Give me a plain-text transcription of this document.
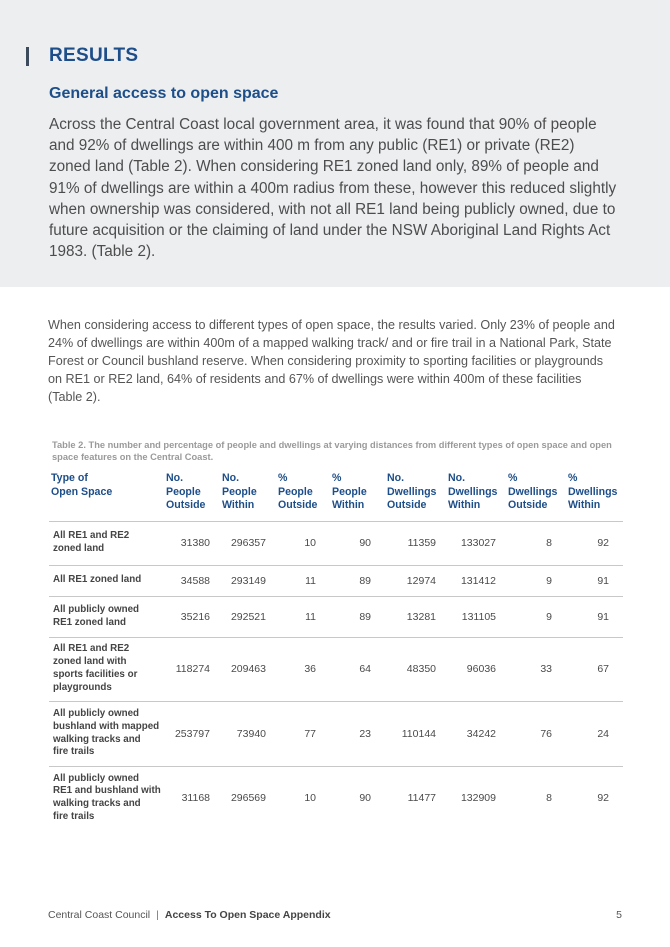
RESULTS
General access to open space
Across the Central Coast local government area, it was found that 90% of people and 92% of dwellings are within 400 m from any public (RE1) or private (RE2) zoned land (Table 2). When considering RE1 zoned land only, 89% of people and 91% of dwellings are within a 400m radius from these, however this reduced slightly when ownership was considered, with not all RE1 land being publicly owned, due to future acquisition or the claiming of land under the NSW Aboriginal Land Rights Act 1983. (Table 2).
When considering access to different types of open space, the results varied. Only 23% of people and 24% of dwellings are within 400m of a mapped walking track/ and or fire trail in a National Park, State Forest or Council bushland reserve. When considering proximity to sporting facilities or playgrounds on RE1 or RE2 land, 64% of residents and 67% of dwellings were within 400m of these facilities (Table 2).
Table 2. The number and percentage of people and dwellings at varying distances from different types of open space and open space features on the Central Coast.
Type of
Open Space	No.
People
Outside	No.
People
Within	%
People
Outside	%
People
Within	No.
Dwellings
Outside	No.
Dwellings
Within	%
Dwellings
Outside	%
Dwellings
Within

All RE1 and RE2
zoned land	31380	296357	10	90	11359	133027	8	92

All RE1 zoned land	34588	293149	11	89	12974	131412	9	91

All publicly owned
RE1 zoned land	35216	292521	11	89	13281	131105	9	91

All RE1 and RE2
zoned land with
sports facilities or
playgrounds	118274	209463	36	64	48350	96036	33	67

All publicly owned
bushland with mapped
walking tracks and
fire trails	253797	73940	77	23	110144	34242	76	24

All publicly owned
RE1 and bushland with
walking tracks and
fire trails	31168	296569	10	90	11477	132909	8	92
Central Coast Council | Access To Open Space Appendix	5
